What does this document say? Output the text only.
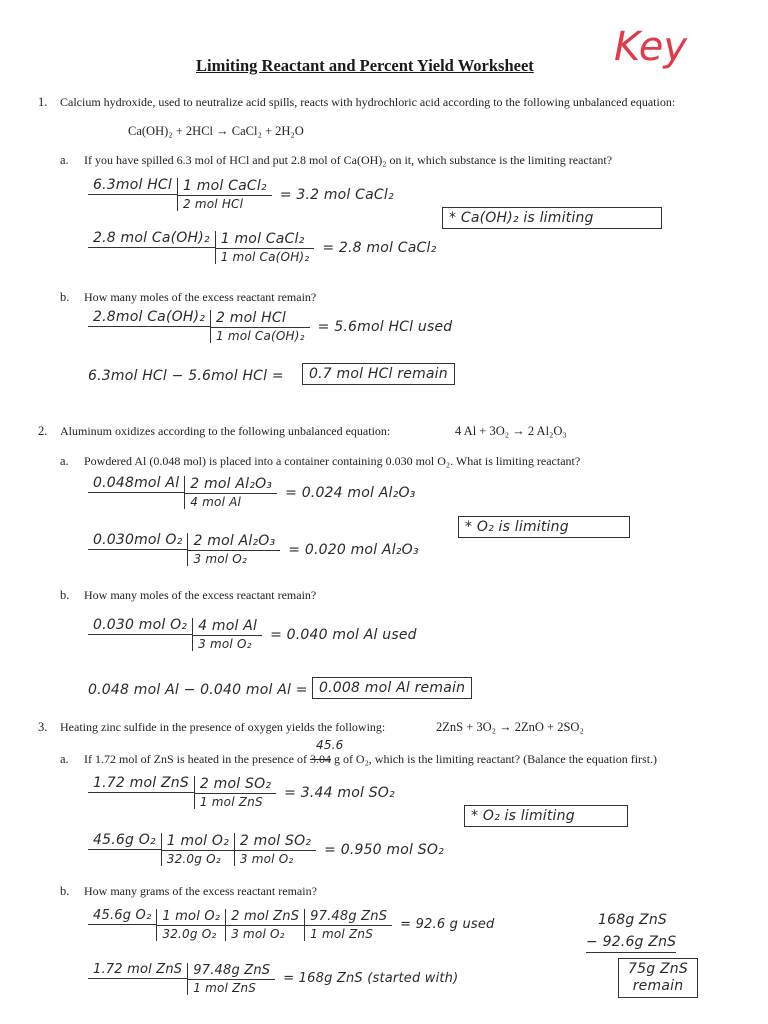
Limiting Reactant and Percent Yield Worksheet Key
1. Calcium hydroxide, used to neutralize acid spills, reacts with hydrochloric acid according to the following unbalanced equation:
Ca(OH)₂ + 2HCl → CaCl₂ + 2H₂O
a. If you have spilled 6.3 mol of HCl and put 2.8 mol of Ca(OH)₂ on it, which substance is the limiting reactant?
6.3mol HCl
1 mol CaCl₂
2 mol HCl
= 3.2 mol CaCl₂
* Ca(OH)₂ is limiting
2.8 mol Ca(OH)₂
1 mol CaCl₂
1 mol Ca(OH)₂
= 2.8 mol CaCl₂
b. How many moles of the excess reactant remain?
2.8mol Ca(OH)₂
2 mol HCl
1 mol Ca(OH)₂
= 5.6mol HCl used
6.3mol HCl − 5.6mol HCl =	0.7 mol HCl remain
2. Aluminum oxidizes according to the following unbalanced equation:	4 Al + 3O₂ → 2 Al₂O₃
a. Powdered Al (0.048 mol) is placed into a container containing 0.030 mol O₂. What is limiting reactant?
0.048mol Al
2 mol Al₂O₃
4 mol Al
= 0.024 mol Al₂O₃
* O₂ is limiting
0.030mol O₂
2 mol Al₂O₃
3 mol O₂
= 0.020 mol Al₂O₃
b. How many moles of the excess reactant remain?
0.030 mol O₂
4 mol Al
3 mol O₂
= 0.040 mol Al used
0.048 mol Al − 0.040 mol Al = 0.008 mol Al remain
3. Heating zinc sulfide in the presence of oxygen yields the following:	2ZnS + 3O₂ → 2ZnO + 2SO₂
45.6
a. If 1.72 mol of ZnS is heated in the presence of 3.04 g of O₂, which is the limiting reactant? (Balance the equation first.)
1.72 mol ZnS
2 mol SO₂
1 mol ZnS
= 3.44 mol SO₂
* O₂ is limiting
45.6g O₂
1 mol O₂
32.0g O₂
2 mol SO₂
3 mol O₂
= 0.950 mol SO₂
b. How many grams of the excess reactant remain?
45.6g O₂
1 mol O₂
32.0g O₂
2 mol ZnS
3 mol O₂
97.48g ZnS
1 mol ZnS
= 92.6 g used
1.72 mol ZnS
97.48g ZnS
1 mol ZnS
= 168g ZnS (started with)
168g ZnS
− 92.6g ZnS
75g ZnS
remain
